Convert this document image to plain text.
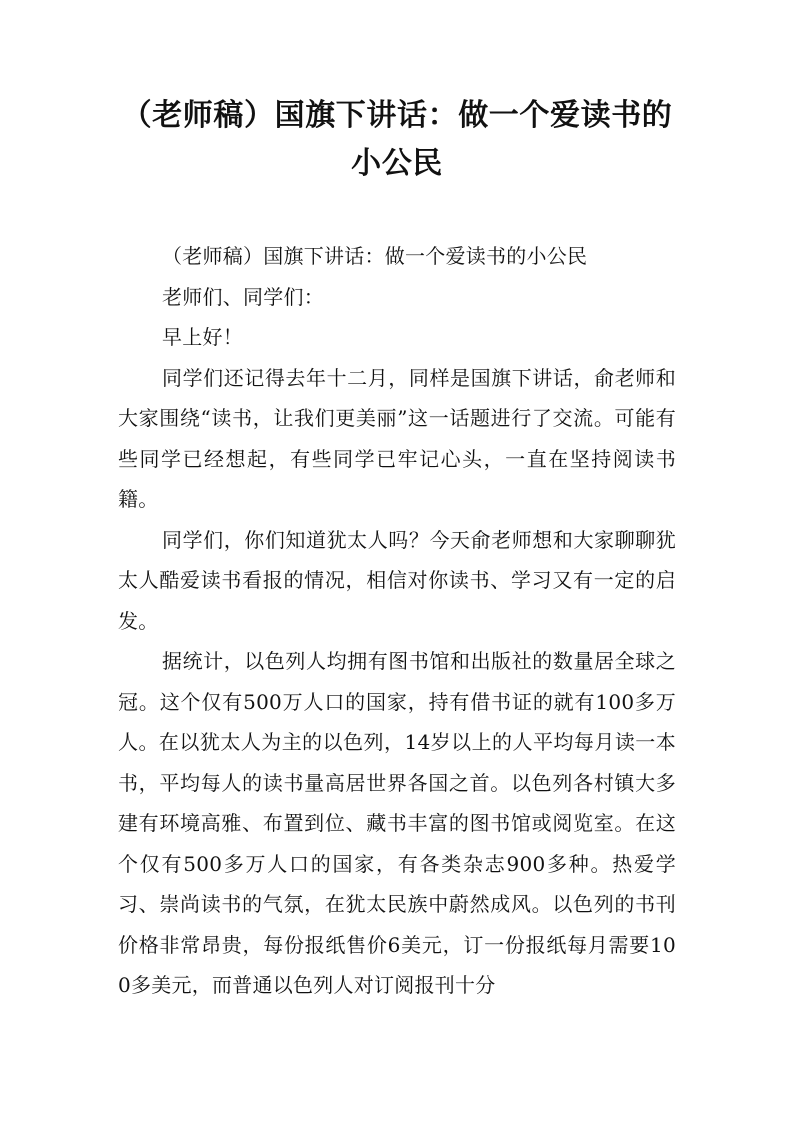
（老师稿）国旗下讲话：做一个爱读书的小公民

（老师稿）国旗下讲话：做一个爱读书的小公民

老师们、同学们：

早上好！

同学们还记得去年十二月，同样是国旗下讲话，俞老师和大家围绕“读书，让我们更美丽”这一话题进行了交流。可能有些同学已经想起，有些同学已牢记心头，一直在坚持阅读书籍。

同学们，你们知道犹太人吗？今天俞老师想和大家聊聊犹太人酷爱读书看报的情况，相信对你读书、学习又有一定的启发。

据统计，以色列人均拥有图书馆和出版社的数量居全球之冠。这个仅有500万人口的国家，持有借书证的就有100多万人。在以犹太人为主的以色列，14岁以上的人平均每月读一本书，平均每人的读书量高居世界各国之首。以色列各村镇大多建有环境高雅、布置到位、藏书丰富的图书馆或阅览室。在这个仅有500多万人口的国家，有各类杂志900多种。热爱学习、崇尚读书的气氛，在犹太民族中蔚然成风。以色列的书刊价格非常昂贵，每份报纸售价6美元，订一份报纸每月需要100多美元，而普通以色列人对订阅报刊十分
